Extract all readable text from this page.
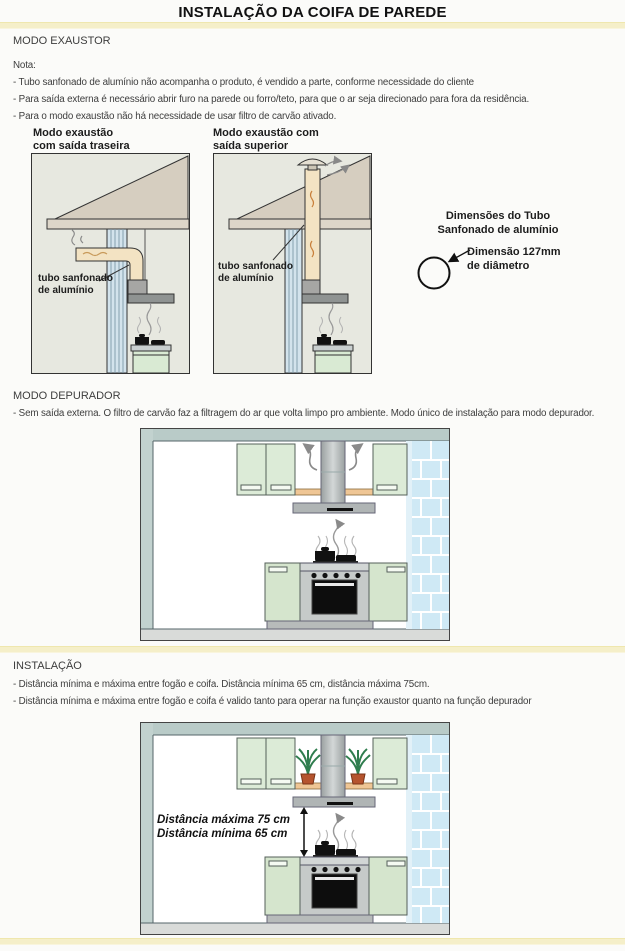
INSTALAÇÃO DA COIFA DE PAREDE
MODO EXAUSTOR
Nota:
- Tubo sanfonado de alumínio não acompanha o produto, é vendido a parte, conforme necessidade do cliente
- Para saída externa é necessário abrir furo na parede ou forro/teto, para que o ar seja direcionado para fora da residência.
- Para o modo exaustão não há necessidade de usar filtro de carvão ativado.
Modo exaustão
com saída traseira
Modo exaustão com
saída superior
tubo sanfonado
de alumínio
tubo sanfonado
de alumínio
Dimensões do Tubo
Sanfonado de alumínio
Dimensão 127mm
de diâmetro
MODO DEPURADOR
- Sem saída externa. O filtro de carvão faz a filtragem do ar que volta limpo pro ambiente. Modo único de instalação para modo depurador.
INSTALAÇÃO
- Distância mínima e máxima entre fogão e coifa. Distância mínima 65 cm, distância máxima 75cm.
- Distância mínima e máxima entre fogão e coifa é valido tanto para operar na função exaustor quanto na função depurador
Distância máxima 75 cm
Distância mínima 65 cm
